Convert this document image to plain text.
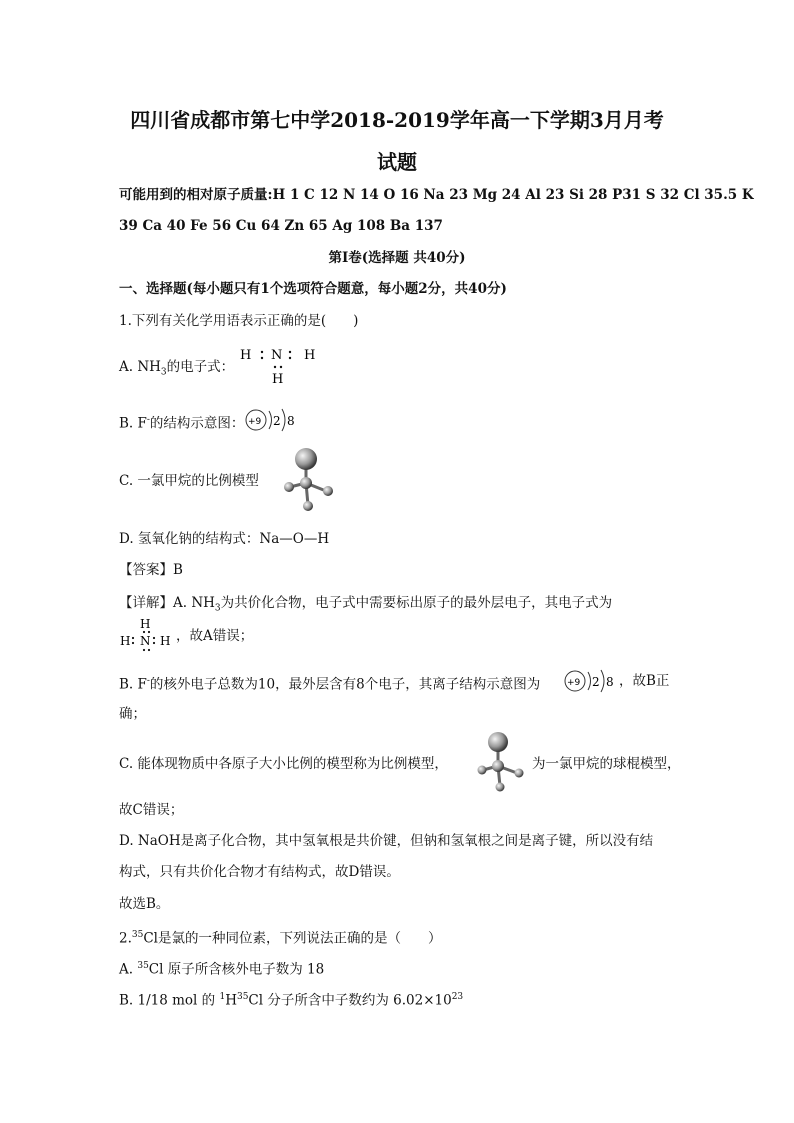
四川省成都市第七中学2018-2019学年高一下学期3月月考
试题
可能用到的相对原子质量:H 1 C 12 N 14 O 16 Na 23 Mg 24 Al 23 Si 28 P31 S 32 Cl 35.5 K
39 Ca 40 Fe 56 Cu 64 Zn 65 Ag 108 Ba 137
第I卷(选择题 共40分)
一、选择题(每小题只有1个选项符合题意，每小题2分，共40分)
1.下列有关化学用语表示正确的是(　　)
A. $NH_3$的电子式：
H N H
H
B. F-的结构示意图： +9 2 8
C. 一氯甲烷的比例模型
D. 氢氧化钠的结构式：Na—O—H
【答案】B
【详解】A. $NH_3$为共价化合物，电子式中需要标出原子的最外层电子，其电子式为
H
H N H ，故A错误；
B. F-的核外电子总数为10，最外层含有8个电子，其离子结构示意图为	+9 2 8 ，故B正
确；
C. 能体现物质中各原子大小比例的模型称为比例模型，	为一氯甲烷的球棍模型，
故C错误；
D. NaOH是离子化合物，其中氢氧根是共价键，但钠和氢氧根之间是离子键，所以没有结
构式，只有共价化合物才有结构式，故D错误。
故选B。
2.35Cl是氯的一种同位素，下列说法正确的是（　　）
A. $^{35}$Cl 原子所含核外电子数为 18
B. 1/18 mol 的 $^1H^{35}Cl$ 分子所含中子数约为 $6.02\times 10^{23}$
